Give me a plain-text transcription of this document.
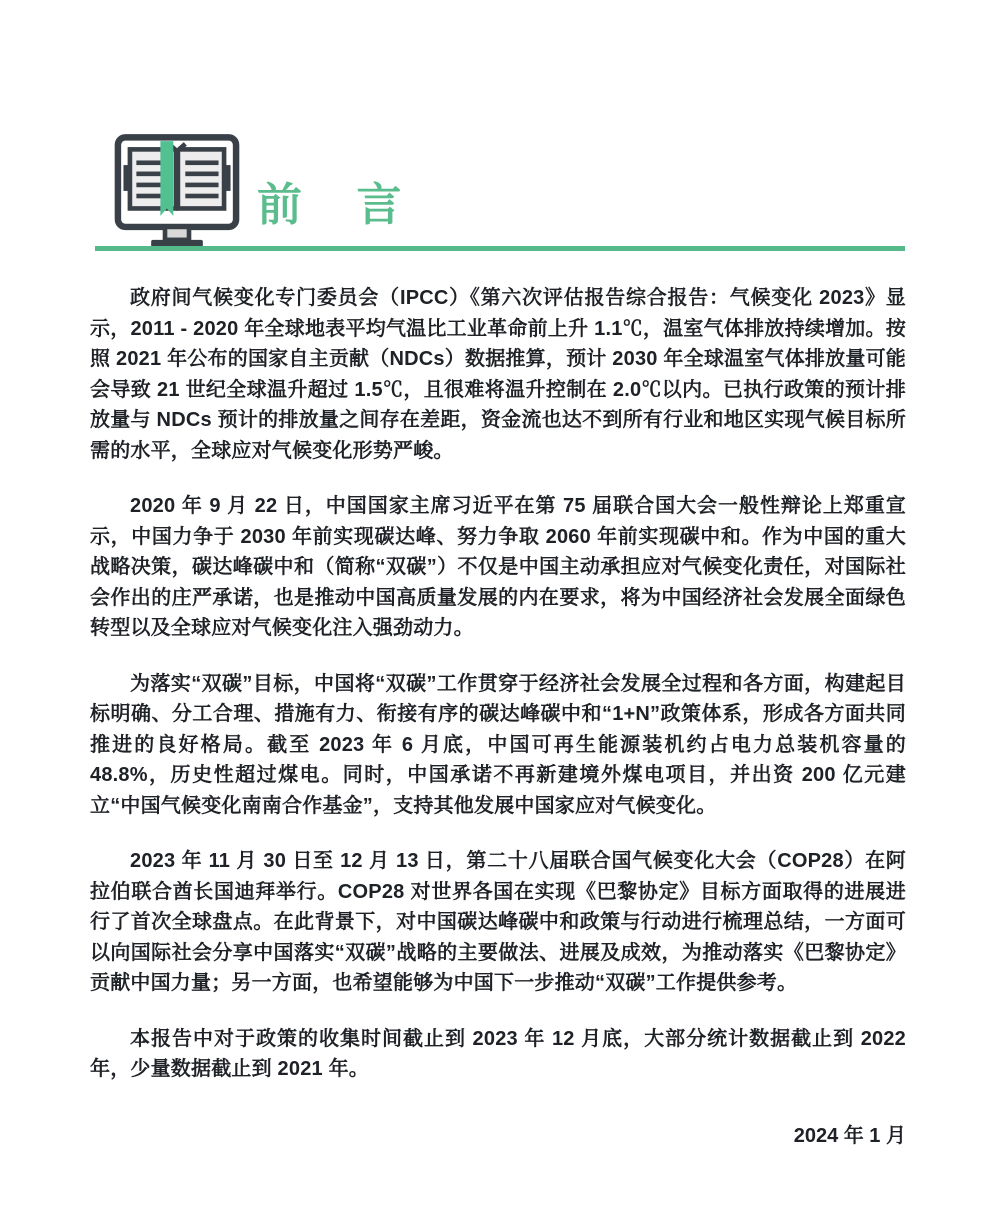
前 言

政府间气候变化专门委员会（IPCC）《第六次评估报告综合报告：气候变化 2023》显示，2011 - 2020 年全球地表平均气温比工业革命前上升 1.1℃，温室气体排放持续增加。按照 2021 年公布的国家自主贡献（NDCs）数据推算，预计 2030 年全球温室气体排放量可能会导致 21 世纪全球温升超过 1.5℃，且很难将温升控制在 2.0℃以内。已执行政策的预计排放量与 NDCs 预计的排放量之间存在差距，资金流也达不到所有行业和地区实现气候目标所需的水平，全球应对气候变化形势严峻。

2020 年 9 月 22 日，中国国家主席习近平在第 75 届联合国大会一般性辩论上郑重宣示，中国力争于 2030 年前实现碳达峰、努力争取 2060 年前实现碳中和。作为中国的重大战略决策，碳达峰碳中和（简称“双碳”）不仅是中国主动承担应对气候变化责任，对国际社会作出的庄严承诺，也是推动中国高质量发展的内在要求，将为中国经济社会发展全面绿色转型以及全球应对气候变化注入强劲动力。

为落实“双碳”目标，中国将“双碳”工作贯穿于经济社会发展全过程和各方面，构建起目标明确、分工合理、措施有力、衔接有序的碳达峰碳中和“1+N”政策体系，形成各方面共同推进的良好格局。截至 2023 年 6 月底，中国可再生能源装机约占电力总装机容量的 48.8%，历史性超过煤电。同时，中国承诺不再新建境外煤电项目，并出资 200 亿元建立“中国气候变化南南合作基金”，支持其他发展中国家应对气候变化。

2023 年 11 月 30 日至 12 月 13 日，第二十八届联合国气候变化大会（COP28）在阿拉伯联合酋长国迪拜举行。COP28 对世界各国在实现《巴黎协定》目标方面取得的进展进行了首次全球盘点。在此背景下，对中国碳达峰碳中和政策与行动进行梳理总结，一方面可以向国际社会分享中国落实“双碳”战略的主要做法、进展及成效，为推动落实《巴黎协定》贡献中国力量；另一方面，也希望能够为中国下一步推动“双碳”工作提供参考。

本报告中对于政策的收集时间截止到 2023 年 12 月底，大部分统计数据截止到 2022 年，少量数据截止到 2021 年。

2024 年 1 月
